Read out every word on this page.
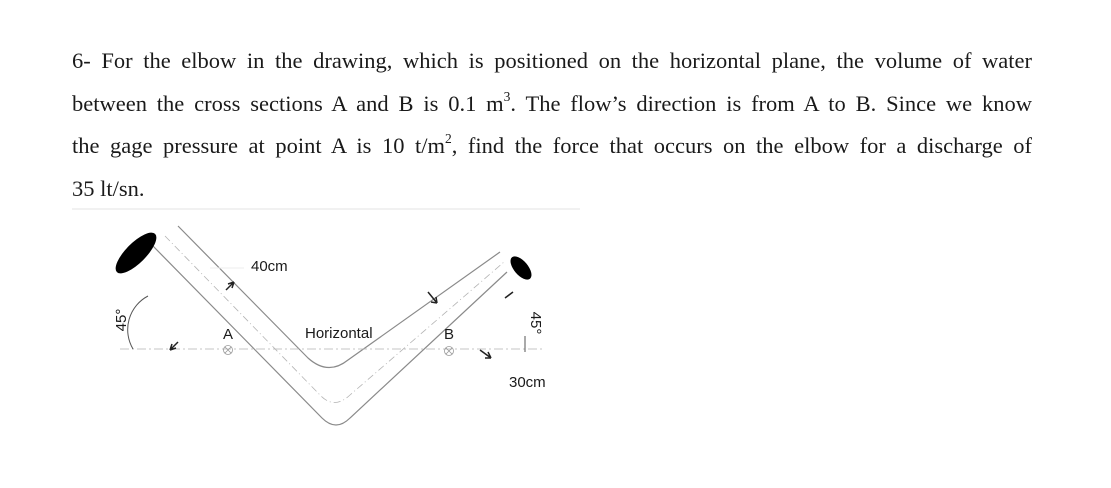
6- For the elbow in the drawing, which is positioned on the horizontal plane, the volume of water
between the cross sections A and B is 0.1 $m^3$. The flow’s direction is from A to B. Since we know
the gage pressure at point A is 10 $t/m^2$, find the force that occurs on the elbow for a discharge of
35 lt/sn.
45°	45°
40cm
A	Horizontal	B
30cm
